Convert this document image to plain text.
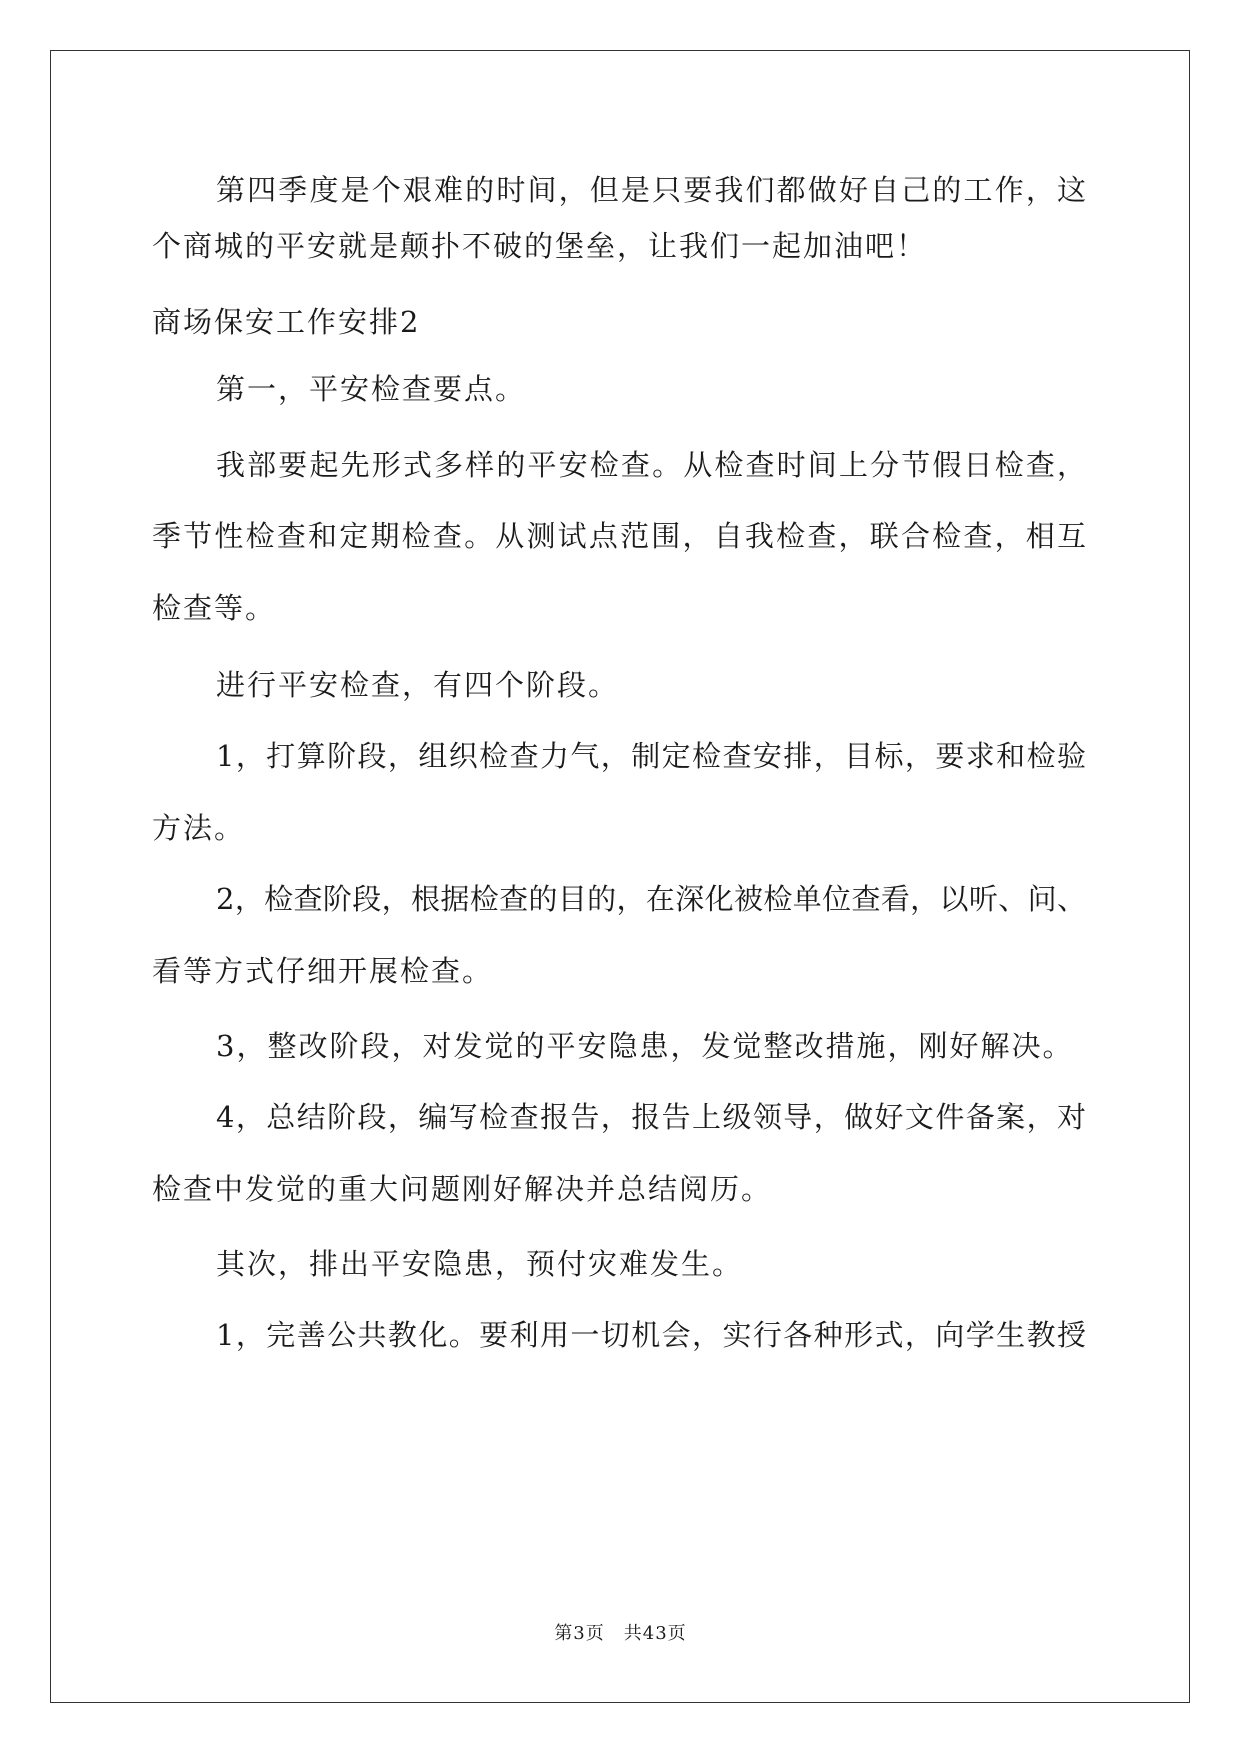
第四季度是个艰难的时间，但是只要我们都做好自己的工作，这
个商城的平安就是颠扑不破的堡垒，让我们一起加油吧！
商场保安工作安排2
第一，平安检查要点。
我部要起先形式多样的平安检查。从检查时间上分节假日检查，
季节性检查和定期检查。从测试点范围，自我检查，联合检查，相互
检查等。
进行平安检查，有四个阶段。
1，打算阶段，组织检查力气，制定检查安排，目标，要求和检验
方法。
2，检查阶段，根据检查的目的，在深化被检单位查看，以听、问、
看等方式仔细开展检查。
3，整改阶段，对发觉的平安隐患，发觉整改措施，刚好解决。
4，总结阶段，编写检查报告，报告上级领导，做好文件备案，对
检查中发觉的重大问题刚好解决并总结阅历。
其次，排出平安隐患，预付灾难发生。
1，完善公共教化。要利用一切机会，实行各种形式，向学生教授
第3页　共43页
